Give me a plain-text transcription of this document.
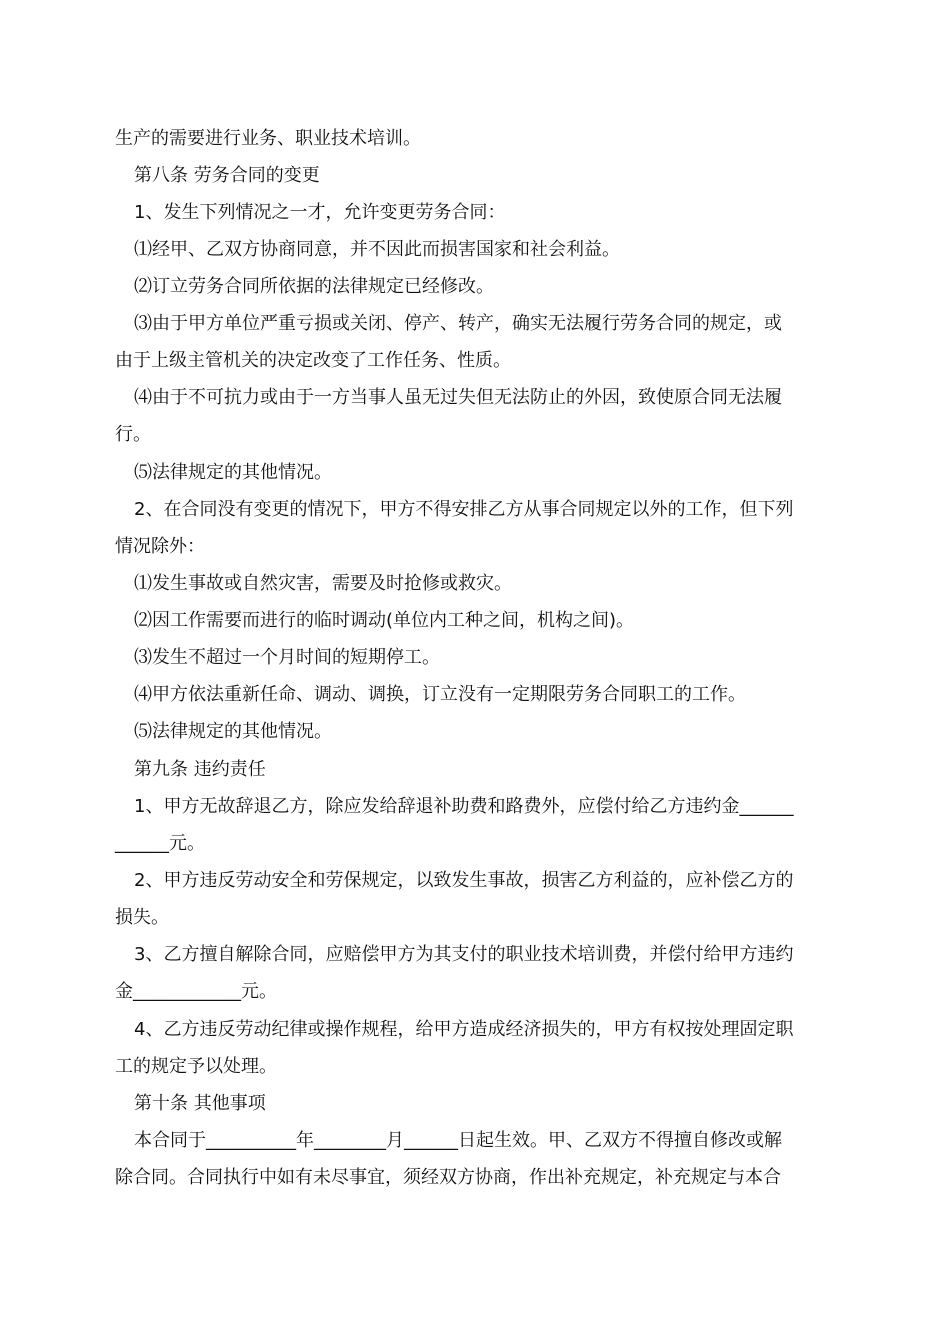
生产的需要进行业务、职业技术培训。
第八条 劳务合同的变更
1、发生下列情况之一才，允许变更劳务合同：
⑴经甲、乙双方协商同意，并不因此而损害国家和社会利益。
⑵订立劳务合同所依据的法律规定已经修改。
⑶由于甲方单位严重亏损或关闭、停产、转产，确实无法履行劳务合同的规定，或
由于上级主管机关的决定改变了工作任务、性质。
⑷由于不可抗力或由于一方当事人虽无过失但无法防止的外因，致使原合同无法履
行。
⑸法律规定的其他情况。
2、在合同没有变更的情况下，甲方不得安排乙方从事合同规定以外的工作，但下列
情况除外：
⑴发生事故或自然灾害，需要及时抢修或救灾。
⑵因工作需要而进行的临时调动(单位内工种之间，机构之间)。
⑶发生不超过一个月时间的短期停工。
⑷甲方依法重新任命、调动、调换，订立没有一定期限劳务合同职工的工作。
⑸法律规定的其他情况。
第九条 违约责任
1、甲方无故辞退乙方，除应发给辞退补助费和路费外，应偿付给乙方违约金______
______元。
2、甲方违反劳动安全和劳保规定，以致发生事故，损害乙方利益的，应补偿乙方的
损失。
3、乙方擅自解除合同，应赔偿甲方为其支付的职业技术培训费，并偿付给甲方违约
金____________元。
4、乙方违反劳动纪律或操作规程，给甲方造成经济损失的，甲方有权按处理固定职
工的规定予以处理。
第十条 其他事项
本合同于__________年________月______日起生效。甲、乙双方不得擅自修改或解
除合同。合同执行中如有未尽事宜，须经双方协商，作出补充规定，补充规定与本合
